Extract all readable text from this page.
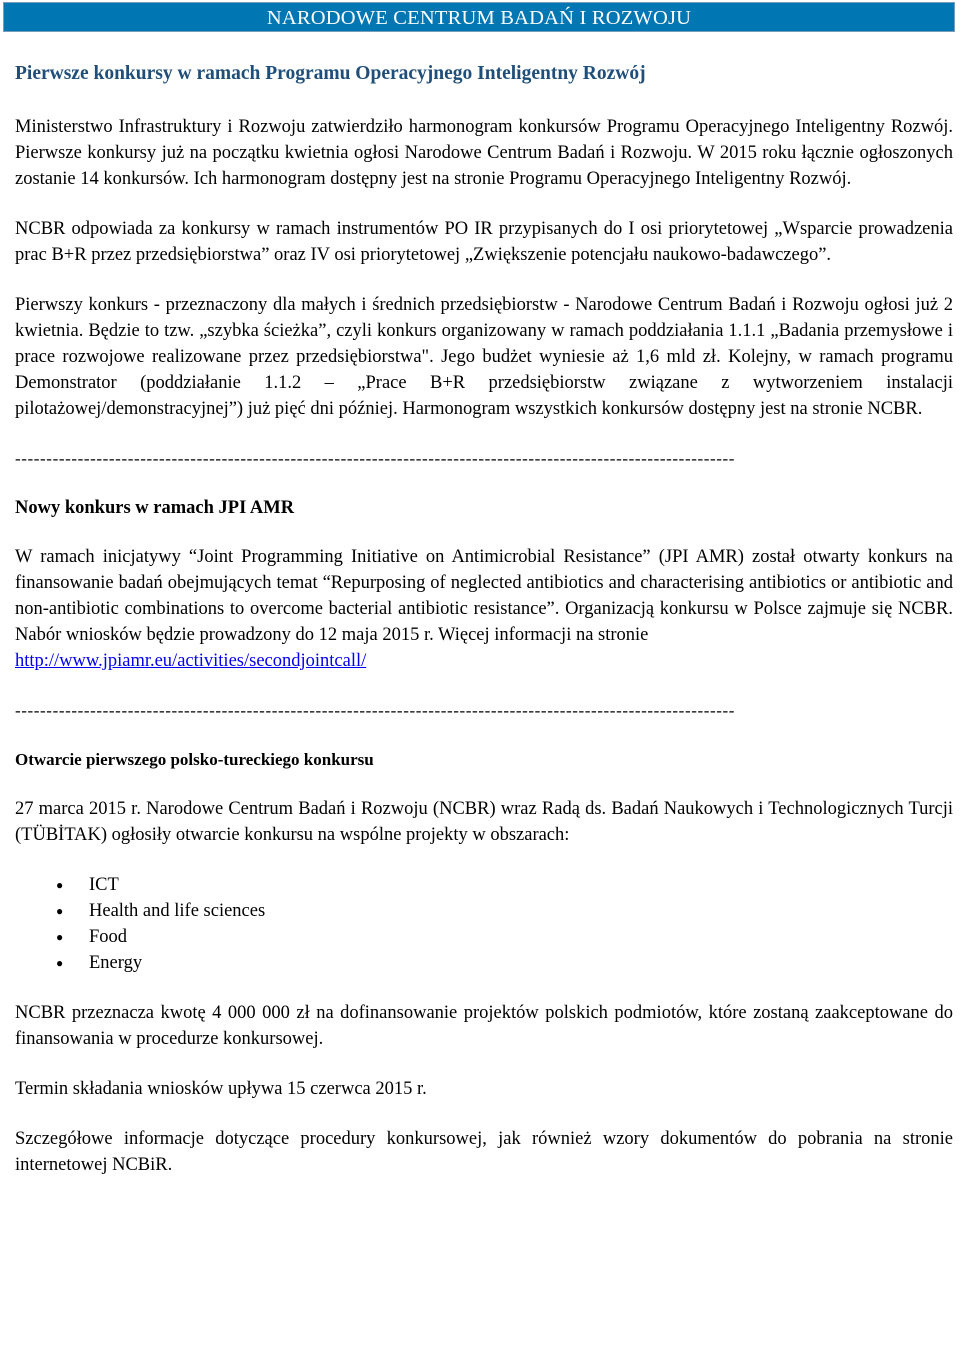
NARODOWE CENTRUM BADAŃ I ROZWOJU
Pierwsze konkursy w ramach Programu Operacyjnego Inteligentny Rozwój

Ministerstwo Infrastruktury i Rozwoju zatwierdziło harmonogram konkursów Programu Operacyjnego Inteligentny Rozwój. Pierwsze konkursy już na początku kwietnia ogłosi Narodowe Centrum Badań i Rozwoju. W 2015 roku łącznie ogłoszonych zostanie 14 konkursów. Ich harmonogram dostępny jest na stronie Programu Operacyjnego Inteligentny Rozwój.

NCBR odpowiada za konkursy w ramach instrumentów PO IR przypisanych do I osi priorytetowej „Wsparcie prowadzenia prac B+R przez przedsiębiorstwa” oraz IV osi priorytetowej „Zwiększenie potencjału naukowo-badawczego”.

Pierwszy konkurs - przeznaczony dla małych i średnich przedsiębiorstw - Narodowe Centrum Badań i Rozwoju ogłosi już 2 kwietnia. Będzie to tzw. „szybka ścieżka”, czyli konkurs organizowany w ramach poddziałania 1.1.1 „Badania przemysłowe i prace rozwojowe realizowane przez przedsiębiorstwa". Jego budżet wyniesie aż 1,6 mld zł. Kolejny, w ramach programu Demonstrator (poddziałanie 1.1.2 – „Prace B+R przedsiębiorstw związane z wytworzeniem instalacji pilotażowej/demonstracyjnej”) już pięć dni później. Harmonogram wszystkich konkursów dostępny jest na stronie NCBR.

-------------------------------------------------------------------------------------------------------------------
Nowy konkurs w ramach JPI AMR

W ramach inicjatywy “Joint Programming Initiative on Antimicrobial Resistance” (JPI AMR) został otwarty konkurs na finansowanie badań obejmujących temat “Repurposing of neglected antibiotics and characterising antibiotics or antibiotic and non-antibiotic combinations to overcome bacterial antibiotic resistance”. Organizacją konkursu w Polsce zajmuje się NCBR. Nabór wniosków będzie prowadzony do 12 maja 2015 r. Więcej informacji na stronie

http://www.jpiamr.eu/activities/secondjointcall/

-------------------------------------------------------------------------------------------------------------------
Otwarcie pierwszego polsko-tureckiego konkursu

27 marca 2015 r. Narodowe Centrum Badań i Rozwoju (NCBR) wraz Radą ds. Badań Naukowych i Technologicznych Turcji (TÜBİTAK) ogłosiły otwarcie konkursu na wspólne projekty w obszarach:

● ICT
● Health and life sciences
● Food
● Energy

NCBR przeznacza kwotę 4 000 000 zł na dofinansowanie projektów polskich podmiotów, które zostaną zaakceptowane do finansowania w procedurze konkursowej.

Termin składania wniosków upływa 15 czerwca 2015 r.

Szczegółowe informacje dotyczące procedury konkursowej, jak również wzory dokumentów do pobrania na stronie internetowej NCBiR.
